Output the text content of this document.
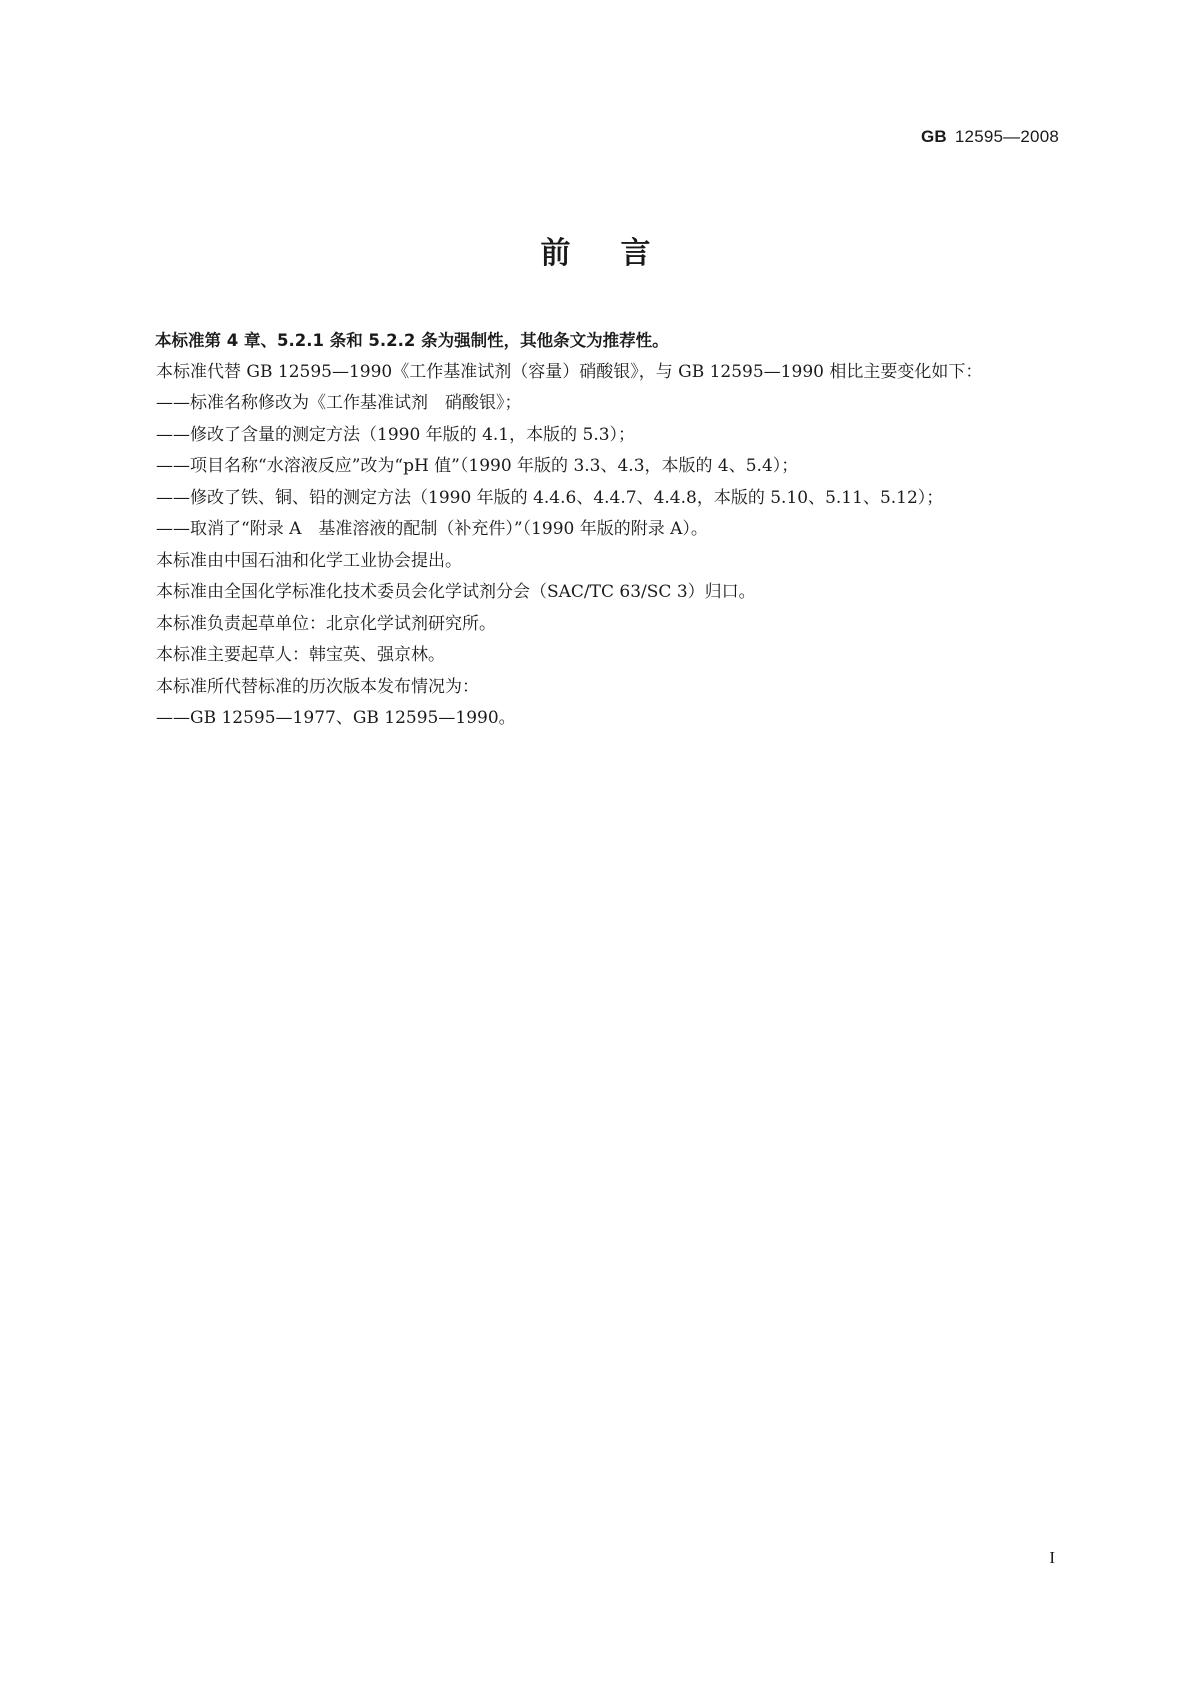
GB 12595—2008
前言

本标准第 4 章、5.2.1 条和 5.2.2 条为强制性，其他条文为推荐性。

本标准代替 GB 12595—1990《工作基准试剂（容量）硝酸银》，与 GB 12595—1990 相比主要变化如下：

——标准名称修改为《工作基准试剂　硝酸银》；

——修改了含量的测定方法（1990 年版的 4.1，本版的 5.3）；

——项目名称“水溶液反应”改为“pH 值”（1990 年版的 3.3、4.3，本版的 4、5.4）；

——修改了铁、铜、铅的测定方法（1990 年版的 4.4.6、4.4.7、4.4.8，本版的 5.10、5.11、5.12）；

——取消了“附录 A　基准溶液的配制（补充件）”（1990 年版的附录 A）。

本标准由中国石油和化学工业协会提出。

本标准由全国化学标准化技术委员会化学试剂分会（SAC/TC 63/SC 3）归口。

本标准负责起草单位：北京化学试剂研究所。

本标准主要起草人：韩宝英、强京林。

本标准所代替标准的历次版本发布情况为：

——GB 12595—1977、GB 12595—1990。

I
